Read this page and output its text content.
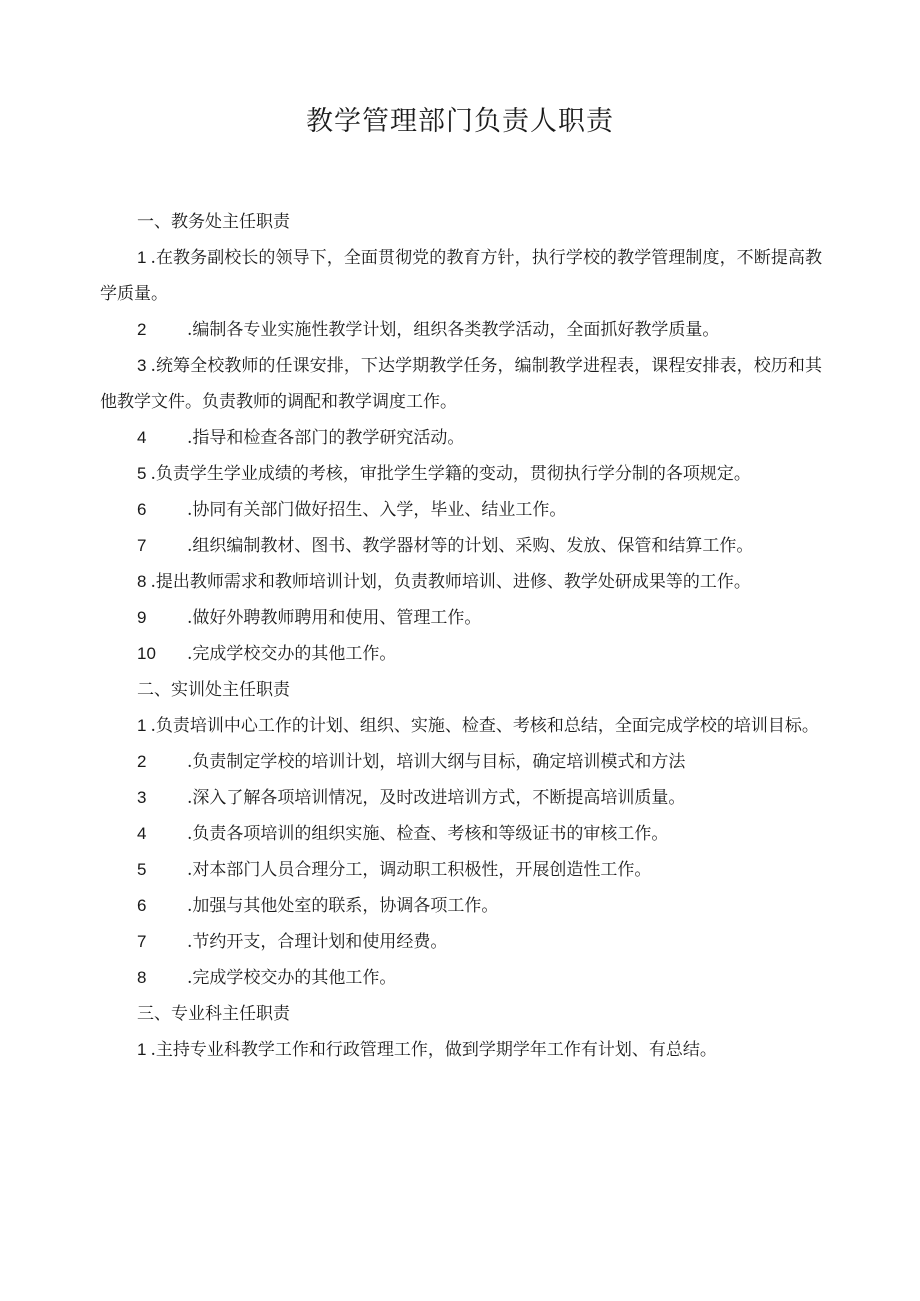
教学管理部门负责人职责
一、教务处主任职责

1 .在教务副校长的领导下，全面贯彻党的教育方针，执行学校的教学管理制度，不断提高教学质量。

2 .编制各专业实施性教学计划，组织各类教学活动，全面抓好教学质量。

3 .统筹全校教师的任课安排，下达学期教学任务，编制教学进程表，课程安排表，校历和其他教学文件。负责教师的调配和教学调度工作。

4 .指导和检查各部门的教学研究活动。

5 .负责学生学业成绩的考核，审批学生学籍的变动，贯彻执行学分制的各项规定。

6 .协同有关部门做好招生、入学，毕业、结业工作。

7 .组织编制教材、图书、教学器材等的计划、采购、发放、保管和结算工作。

8 .提出教师需求和教师培训计划，负责教师培训、进修、教学处研成果等的工作。

9 .做好外聘教师聘用和使用、管理工作。

10 .完成学校交办的其他工作。

二、实训处主任职责

1 .负责培训中心工作的计划、组织、实施、检查、考核和总结，全面完成学校的培训目标。

2 .负责制定学校的培训计划，培训大纲与目标，确定培训模式和方法

3 .深入了解各项培训情况，及时改进培训方式，不断提高培训质量。

4 .负责各项培训的组织实施、检查、考核和等级证书的审核工作。

5 .对本部门人员合理分工，调动职工积极性，开展创造性工作。

6 .加强与其他处室的联系，协调各项工作。

7 .节约开支，合理计划和使用经费。

8 .完成学校交办的其他工作。

三、专业科主任职责

1 .主持专业科教学工作和行政管理工作，做到学期学年工作有计划、有总结。
